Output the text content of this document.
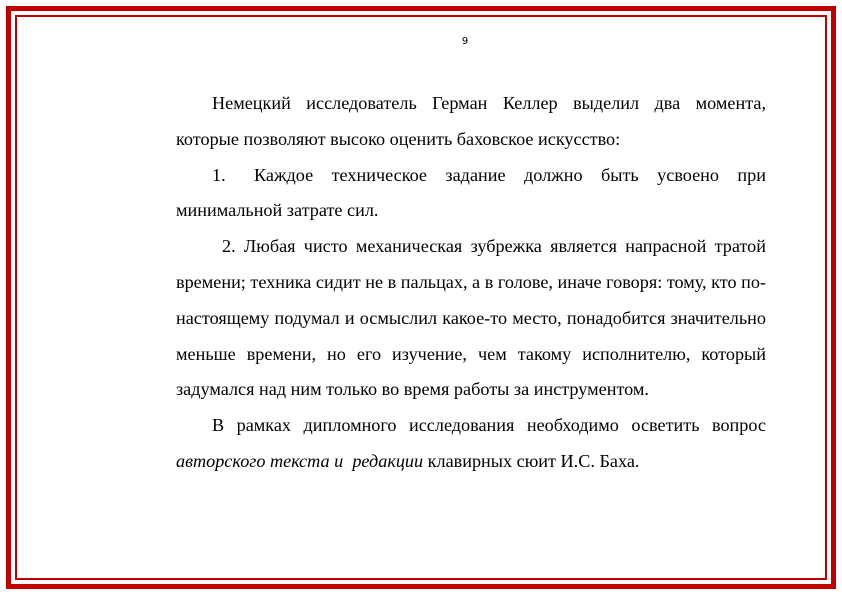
9

Немецкий исследователь Герман Келлер выделил два момента, которые позволяют высоко оценить баховское искусство:

1. Каждое техническое задание должно быть усвоено при минимальной затрате сил.

2. Любая чисто механическая зубрежка является напрасной тратой времени; техника сидит не в пальцах, а в голове, иначе говоря: тому, кто по-настоящему подумал и осмыслил какое-то место, понадобится значительно меньше времени, но его изучение, чем такому исполнителю, который задумался над ним только во время работы за инструментом.

В рамках дипломного исследования необходимо осветить вопрос авторского текста и редакции клавирных сюит И.С. Баха.
